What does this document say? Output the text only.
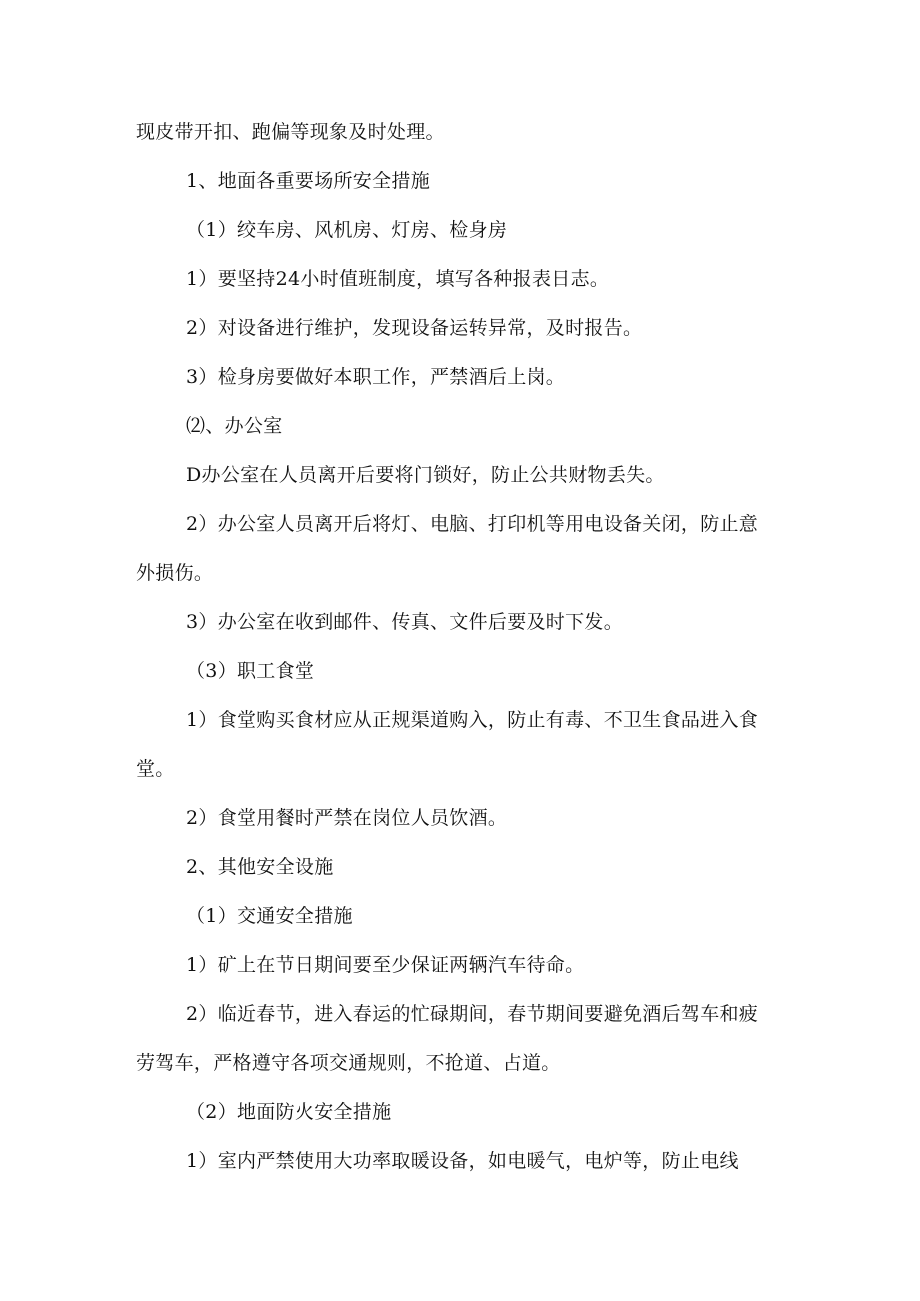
现皮带开扣、跑偏等现象及时处理。
1、地面各重要场所安全措施
（1）绞车房、风机房、灯房、检身房
1）要坚持24小时值班制度，填写各种报表日志。
2）对设备进行维护，发现设备运转异常，及时报告。
3）检身房要做好本职工作，严禁酒后上岗。
⑵、办公室
D办公室在人员离开后要将门锁好，防止公共财物丢失。
2）办公室人员离开后将灯、电脑、打印机等用电设备关闭，防止意
外损伤。
3）办公室在收到邮件、传真、文件后要及时下发。
（3）职工食堂
1）食堂购买食材应从正规渠道购入，防止有毒、不卫生食品进入食
堂。
2）食堂用餐时严禁在岗位人员饮酒。
2、其他安全设施
（1）交通安全措施
1）矿上在节日期间要至少保证两辆汽车待命。
2）临近春节，进入春运的忙碌期间，春节期间要避免酒后驾车和疲
劳驾车，严格遵守各项交通规则，不抢道、占道。
（2）地面防火安全措施
1）室内严禁使用大功率取暖设备，如电暖气，电炉等，防止电线
